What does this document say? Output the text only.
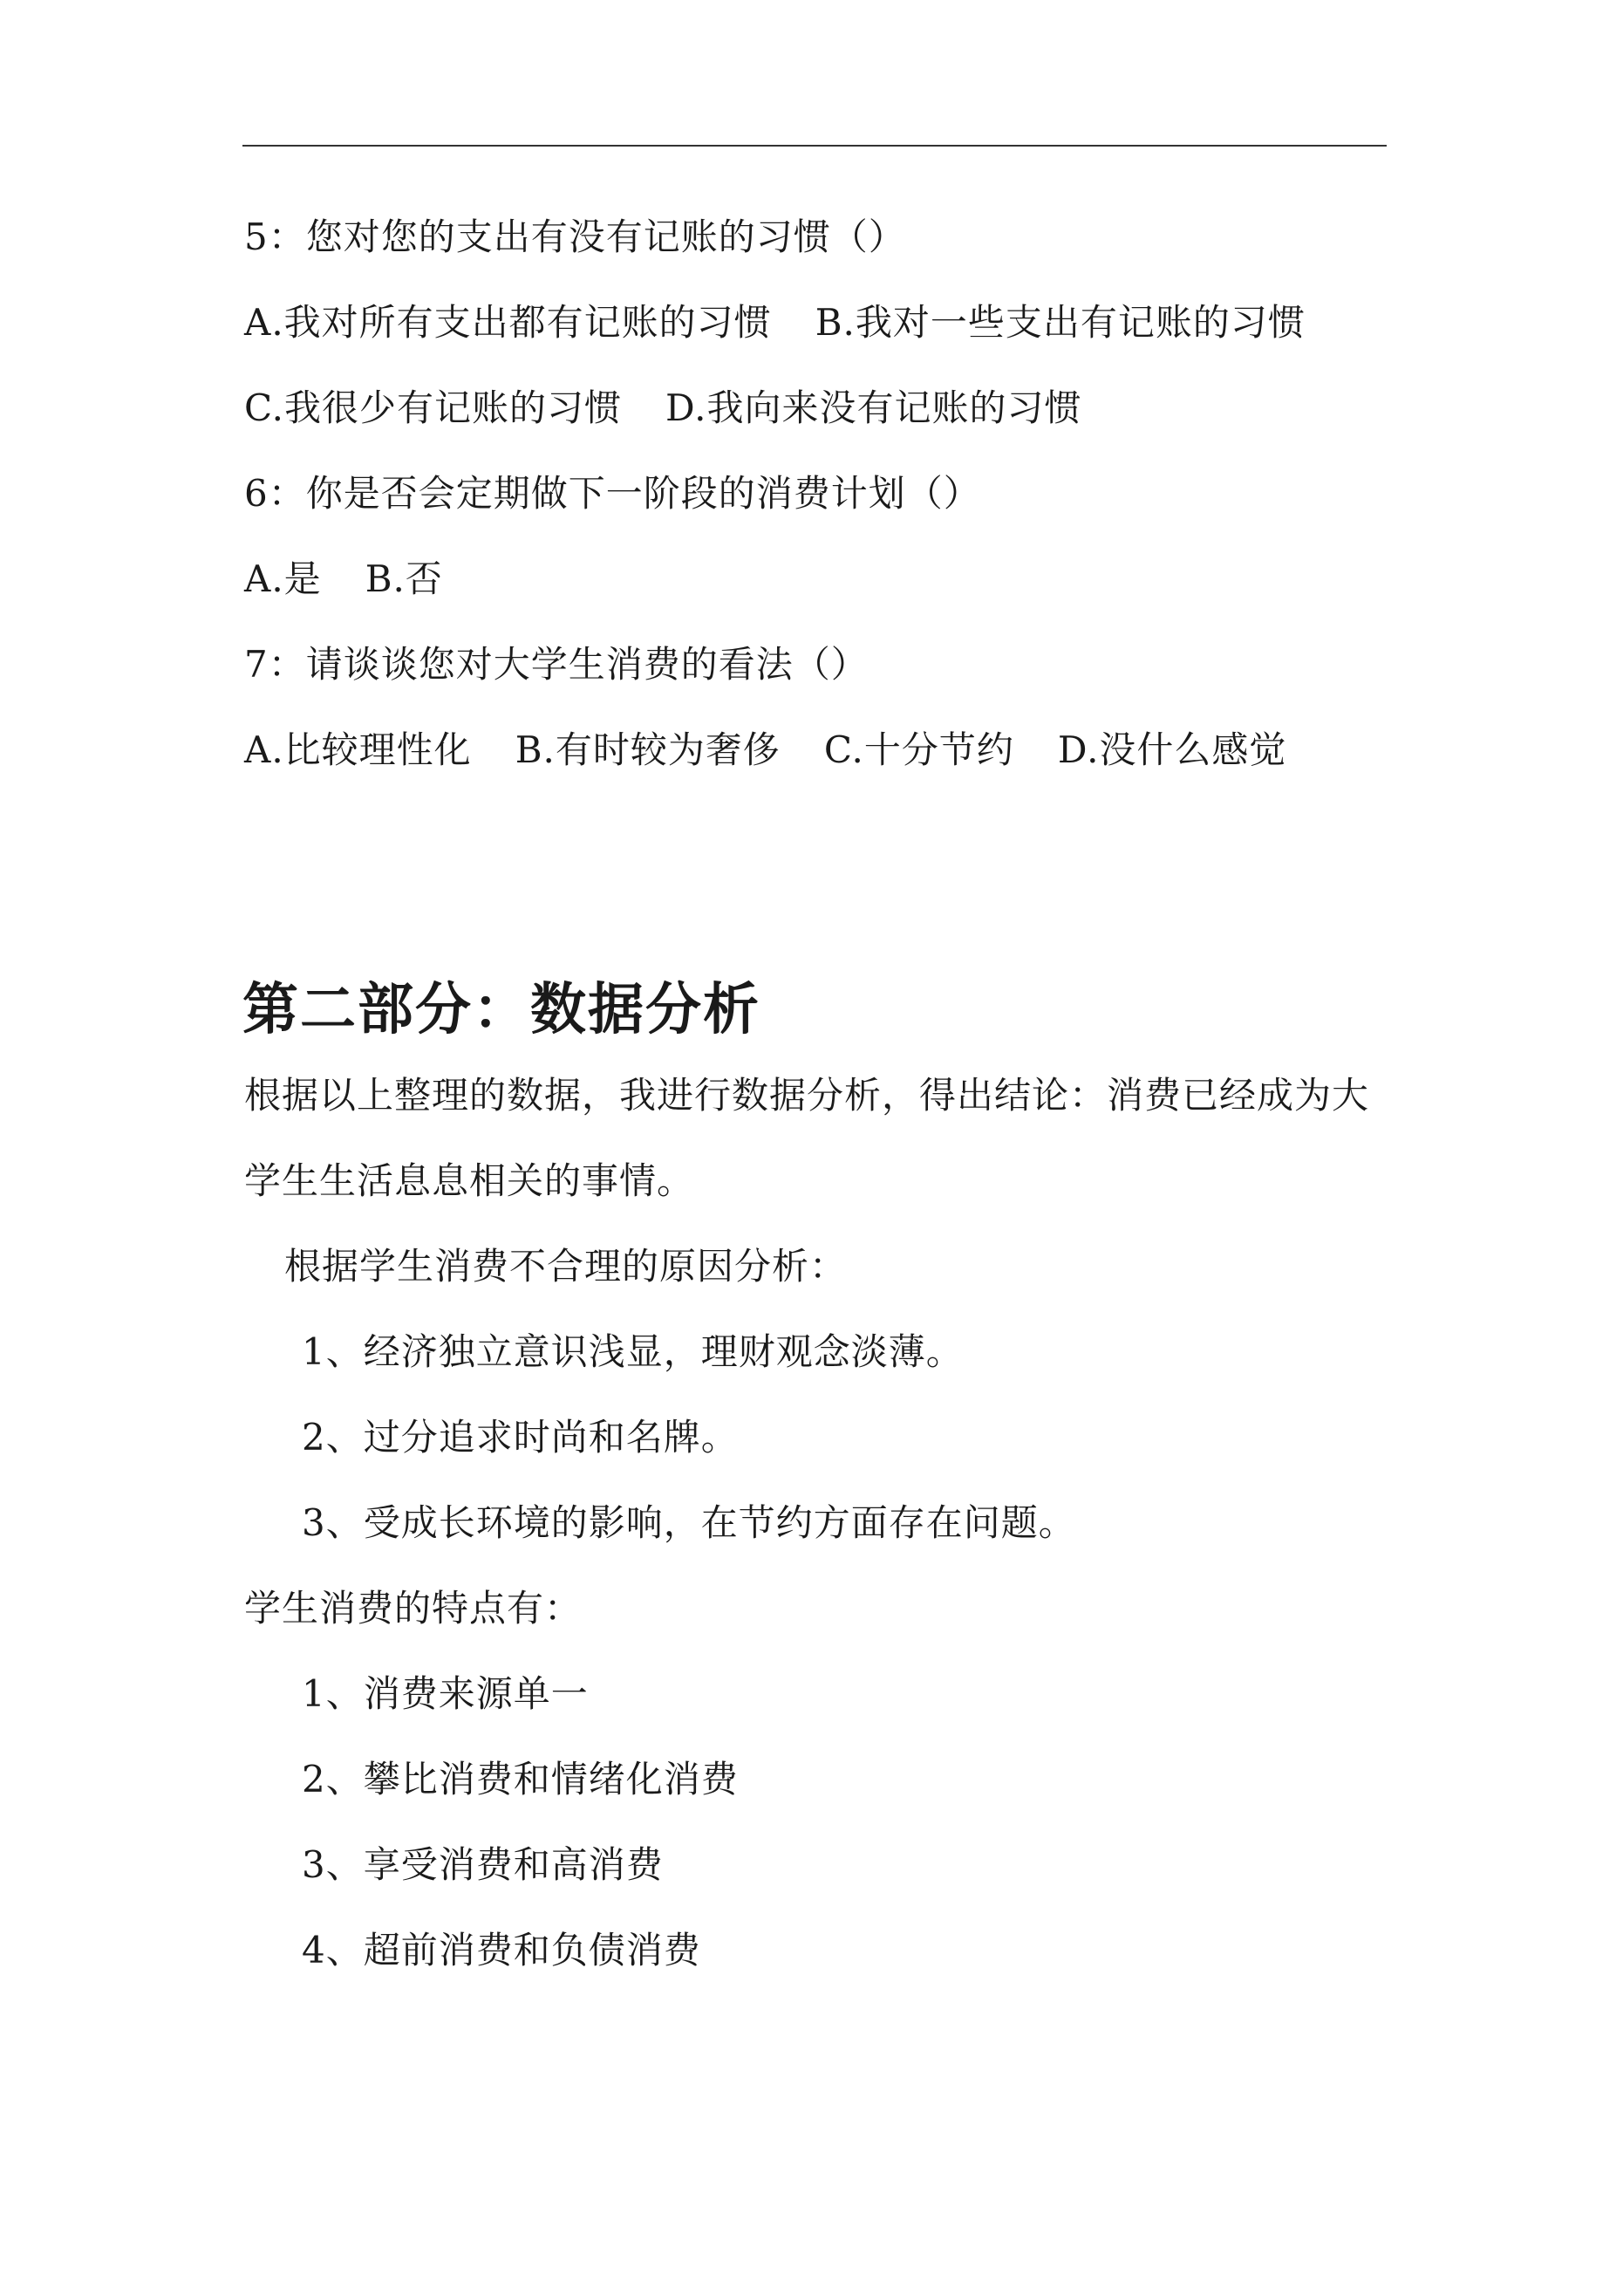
5：您对您的支出有没有记账的习惯（）
A.我对所有支出都有记账的习惯 B.我对一些支出有记账的习惯
C.我很少有记账的习惯 D.我向来没有记账的习惯
6：你是否会定期做下一阶段的消费计划（）
A.是 B.否
7：请谈谈您对大学生消费的看法（）
A.比较理性化 B.有时较为奢侈 C.十分节约 D.没什么感觉
第二部分：数据分析
根据以上整理的数据，我进行数据分析，得出结论：消费已经成为大
学生生活息息相关的事情。
根据学生消费不合理的原因分析：
1、经济独立意识浅显，理财观念淡薄。
2、过分追求时尚和名牌。
3、受成长环境的影响，在节约方面存在问题。
学生消费的特点有：
1、消费来源单一
2、攀比消费和情绪化消费
3、享受消费和高消费
4、超前消费和负债消费
